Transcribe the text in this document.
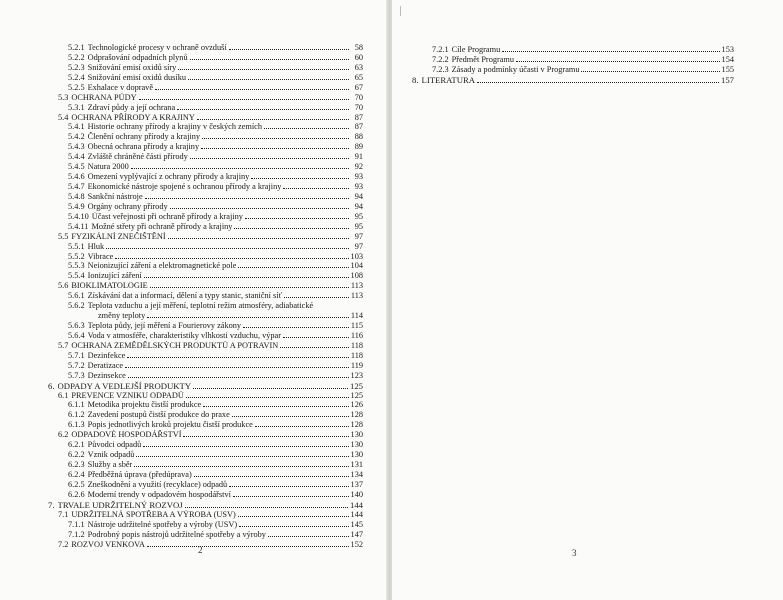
5.2.1 Technologické procesy v ochraně ovzduší	58
5.2.2 Odprašování odpadních plynů	60
5.2.3 Snižování emisí oxidů síry	63
5.2.4 Snižování emisí oxidů dusíku	65
5.2.5 Exhalace v dopravě	67
5.3 OCHRANA PŮDY	70
5.3.1 Zdraví půdy a její ochrana	70
5.4 OCHRANA PŘÍRODY A KRAJINY	87
5.4.1 Historie ochrany přírody a krajiny v českých zemích	87
5.4.2 Členění ochrany přírody a krajiny	88
5.4.3 Obecná ochrana přírody a krajiny	89
5.4.4 Zvláště chráněné části přírody	91
5.4.5 Natura 2000	92
5.4.6 Omezení vyplývající z ochrany přírody a krajiny	93
5.4.7 Ekonomické nástroje spojené s ochranou přírody a krajiny	93
5.4.8 Sankční nástroje	94
5.4.9 Orgány ochrany přírody	94
5.4.10 Účast veřejnosti při ochraně přírody a krajiny	95
5.4.11 Možné střety při ochraně přírody a krajiny	95
5.5 FYZIKÁLNÍ ZNEČIŠTĚNÍ	97
5.5.1 Hluk	97
5.5.2 Vibrace	103
5.5.3 Neionizující záření a elektromagnetické pole	104
5.5.4 Ionizující záření	108
5.6 BIOKLIMATOLOGIE	113
5.6.1 Získávání dat a informací, dělení a typy stanic, staniční síť	113
5.6.2 Teplota vzduchu a její měření, teplotní režim atmosféry, adiabatické
změny teploty	114
5.6.3 Teplota půdy, její měření a Fourierovy zákony	115
5.6.4 Voda v atmosféře, charakteristiky vlhkosti vzduchu, výpar	116
5.7 OCHRANA ZEMĚDĚLSKÝCH PRODUKTŮ A POTRAVIN	118
5.7.1 Dezinfekce	118
5.7.2 Deratizace	119
5.7.3 Dezinsekce	123
6. ODPADY A VEDLEJŠÍ PRODUKTY	125
6.1 PREVENCE VZNIKU ODPADŮ	125
6.1.1 Metodika projektu čistší produkce	126
6.1.2 Zavedení postupů čistší produkce do praxe	128
6.1.3 Popis jednotlivých kroků projektu čistší produkce	128
6.2 ODPADOVÉ HOSPODÁŘSTVÍ	130
6.2.1 Původci odpadů	130
6.2.2 Vznik odpadů	130
6.2.3 Služby a sběr	131
6.2.4 Předběžná úprava (předúprava)	134
6.2.5 Zneškodnění a využití (recyklace) odpadů	137
6.2.6 Moderní trendy v odpadovém hospodářství	140
7. TRVALE UDRŽITELNÝ ROZVOJ	144
7.1 UDRŽITELNÁ SPOTŘEBA A VÝROBA (USV)	144
7.1.1 Nástroje udržitelné spotřeby a výroby (USV)	145
7.1.2 Podrobný popis nástrojů udržitelné spotřeby a výroby	147
7.2 ROZVOJ VENKOVA	152
2
7.2.1 Cíle Programu	153
7.2.2 Předmět Programu	154
7.2.3 Zásady a podmínky účasti v Programu	155
8. LITERATURA	157
3
